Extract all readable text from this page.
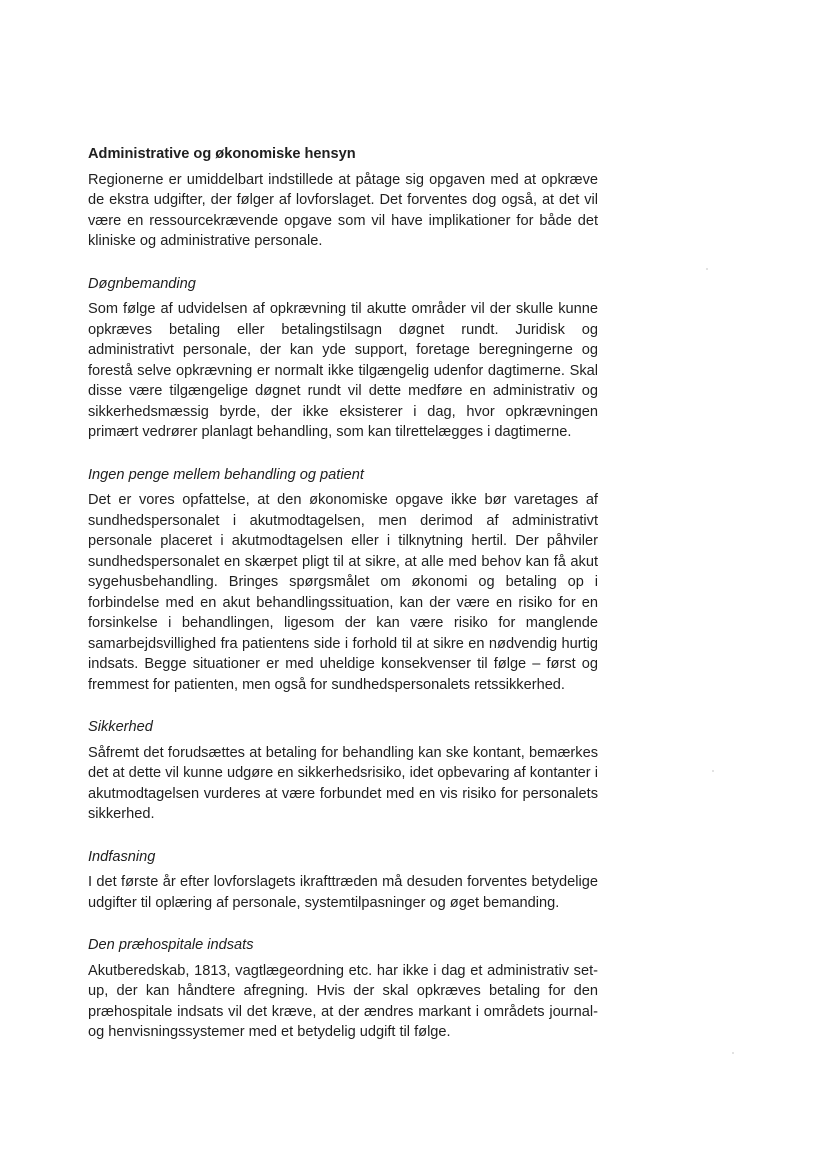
Administrative og økonomiske hensyn

Regionerne er umiddelbart indstillede at påtage sig opgaven med at opkræve de ekstra udgifter, der følger af lovforslaget. Det forventes dog også, at det vil være en ressourcekrævende opgave som vil have implikationer for både det kliniske og administrative personale.

Døgnbemanding

Som følge af udvidelsen af opkrævning til akutte områder vil der skulle kunne opkræves betaling eller betalingstilsagn døgnet rundt. Juridisk og administrativt personale, der kan yde support, foretage beregningerne og forestå selve opkrævning er normalt ikke tilgængelig udenfor dagtimerne. Skal disse være tilgængelige døgnet rundt vil dette medføre en administrativ og sikkerhedsmæssig byrde, der ikke eksisterer i dag, hvor opkrævningen primært vedrører planlagt behandling, som kan tilrettelægges i dagtimerne.

Ingen penge mellem behandling og patient

Det er vores opfattelse, at den økonomiske opgave ikke bør varetages af sundhedspersonalet i akutmodtagelsen, men derimod af administrativt personale placeret i akutmodtagelsen eller i tilknytning hertil. Der påhviler sundhedspersonalet en skærpet pligt til at sikre, at alle med behov kan få akut sygehusbehandling. Bringes spørgsmålet om økonomi og betaling op i forbindelse med en akut behandlingssituation, kan der være en risiko for en forsinkelse i behandlingen, ligesom der kan være risiko for manglende samarbejdsvillighed fra patientens side i forhold til at sikre en nødvendig hurtig indsats. Begge situationer er med uheldige konsekvenser til følge – først og fremmest for patienten, men også for sundhedspersonalets retssikkerhed.

Sikkerhed

Såfremt det forudsættes at betaling for behandling kan ske kontant, bemærkes det at dette vil kunne udgøre en sikkerhedsrisiko, idet opbevaring af kontanter i akutmodtagelsen vurderes at være forbundet med en vis risiko for personalets sikkerhed.

Indfasning

I det første år efter lovforslagets ikrafttræden må desuden forventes betydelige udgifter til oplæring af personale, systemtilpasninger og øget bemanding.

Den præhospitale indsats

Akutberedskab, 1813, vagtlægeordning etc. har ikke i dag et administrativ set-up, der kan håndtere afregning. Hvis der skal opkræves betaling for den præhospitale indsats vil det kræve, at der ændres markant i områdets journal- og henvisningssystemer med et betydelig udgift til følge.
